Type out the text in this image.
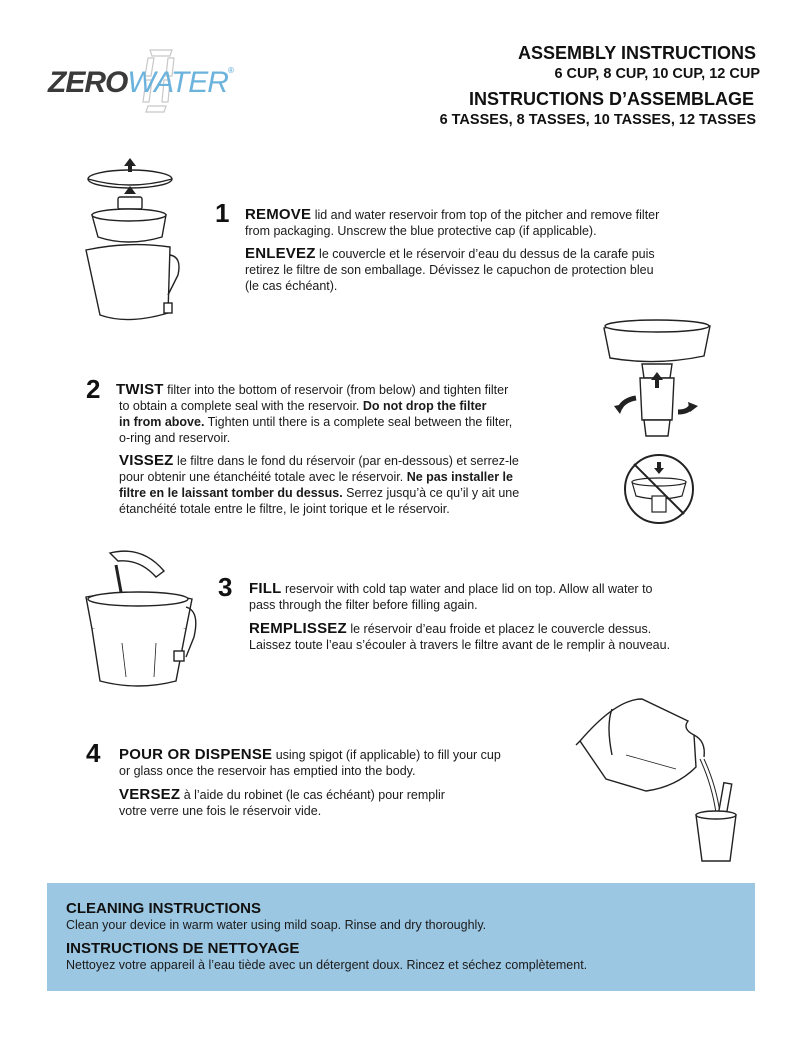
ZEROWATER®
ASSEMBLY INSTRUCTIONS
6 CUP, 8 CUP, 10 CUP, 12 CUP
INSTRUCTIONS D’ASSEMBLAGE
6 TASSES, 8 TASSES, 10 TASSES, 12 TASSES
1 REMOVE lid and water reservoir from top of the pitcher and remove filter
from packaging. Unscrew the blue protective cap (if applicable).
ENLEVEZ le couvercle et le réservoir d’eau du dessus de la carafe puis
retirez le filtre de son emballage. Dévissez le capuchon de protection bleu
(le cas échéant).
2 TWIST filter into the bottom of reservoir (from below) and tighten filter
to obtain a complete seal with the reservoir. Do not drop the filter
in from above. Tighten until there is a complete seal between the filter,
o-ring and reservoir.
VISSEZ le filtre dans le fond du réservoir (par en-dessous) et serrez-le
pour obtenir une étanchéité totale avec le réservoir. Ne pas installer le
filtre en le laissant tomber du dessus. Serrez jusqu’à ce qu’il y ait une
étanchéité totale entre le filtre, le joint torique et le réservoir.
3 FILL reservoir with cold tap water and place lid on top. Allow all water to
pass through the filter before filling again.
REMPLISSEZ le réservoir d’eau froide et placez le couvercle dessus.
Laissez toute l’eau s’écouler à travers le filtre avant de le remplir à nouveau.
4 POUR OR DISPENSE using spigot (if applicable) to fill your cup
or glass once the reservoir has emptied into the body.
VERSEZ à l’aide du robinet (le cas échéant) pour remplir
votre verre une fois le réservoir vide.
CLEANING INSTRUCTIONS
Clean your device in warm water using mild soap. Rinse and dry thoroughly.
INSTRUCTIONS DE NETTOYAGE
Nettoyez votre appareil à l’eau tiède avec un détergent doux. Rincez et séchez complètement.
